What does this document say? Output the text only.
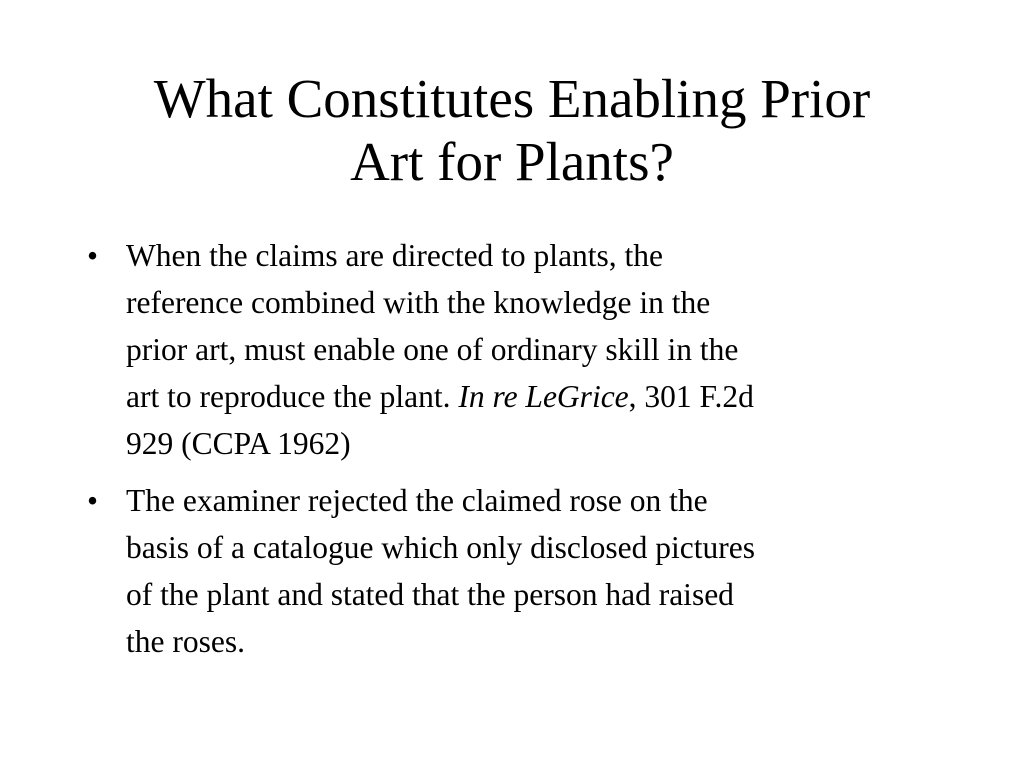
What Constitutes Enabling Prior
Art for Plants?
• When the claims are directed to plants, the
reference combined with the knowledge in the
prior art, must enable one of ordinary skill in the
art to reproduce the plant. In re LeGrice, 301 F.2d
929 (CCPA 1962)
• The examiner rejected the claimed rose on the
basis of a catalogue which only disclosed pictures
of the plant and stated that the person had raised
the roses.
